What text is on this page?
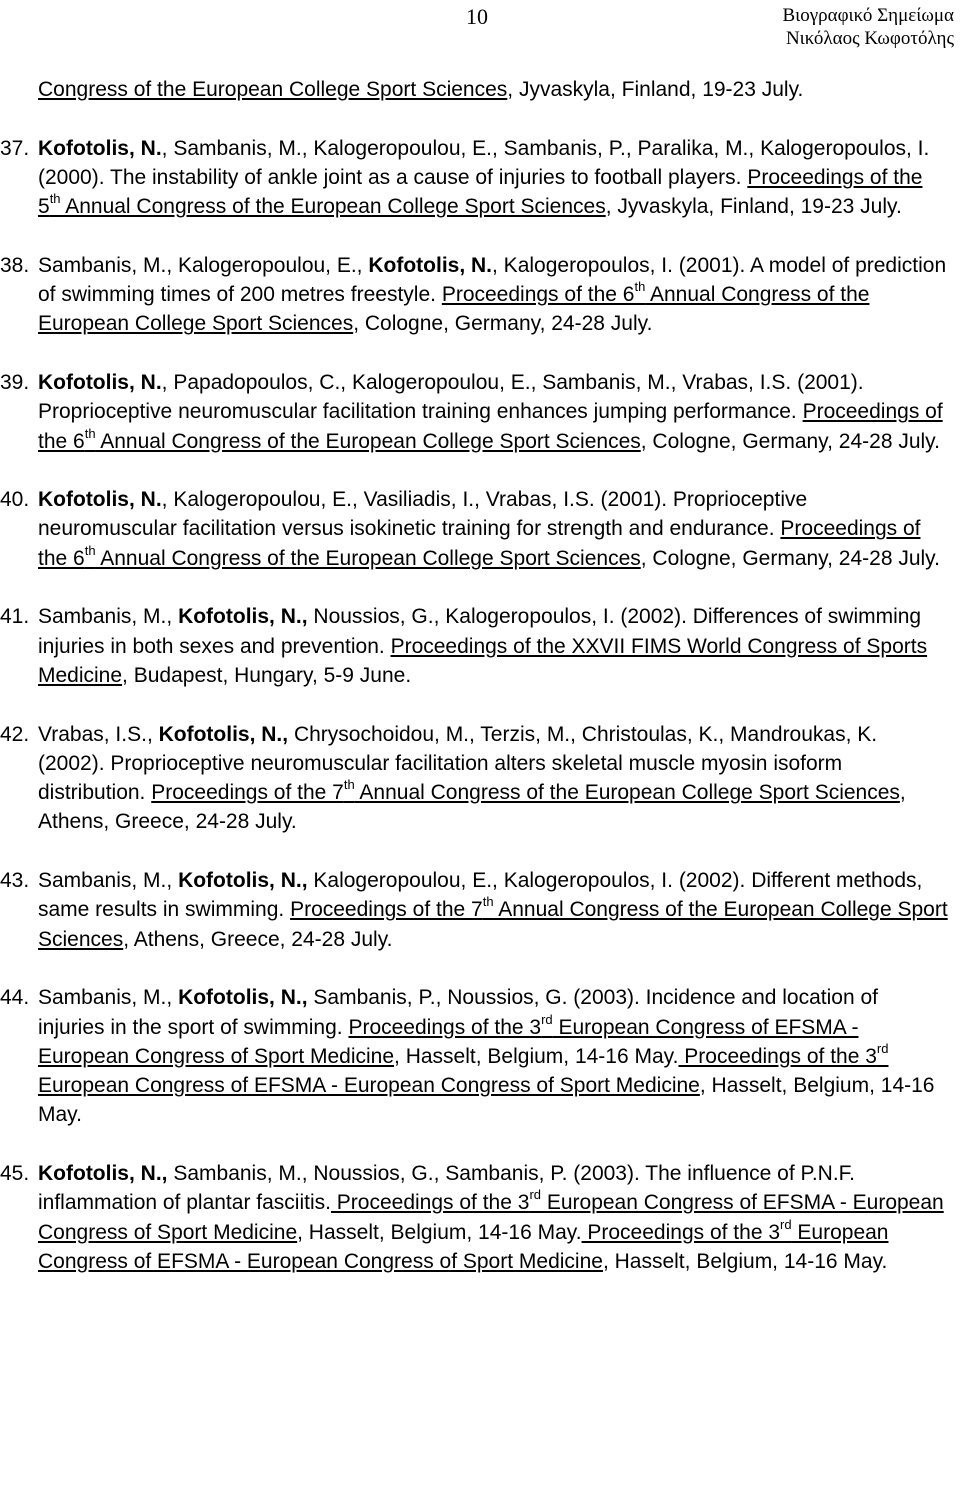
10	Βιογραφικό Σημείωμα
Νικόλαος Κωφοτόλης
Congress of the European College Sport Sciences, Jyvaskyla, Finland, 19-23 July.
37. Kofotolis, N., Sambanis, M., Kalogeropoulou, E., Sambanis, P., Paralika, M., Kalogeropoulos, I. (2000). The instability of ankle joint as a cause of injuries to football players. Proceedings of the 5th Annual Congress of the European College Sport Sciences, Jyvaskyla, Finland, 19-23 July.
38. Sambanis, M., Kalogeropoulou, E., Kofotolis, N., Kalogeropoulos, I. (2001). A model of prediction of swimming times of 200 metres freestyle. Proceedings of the 6th Annual Congress of the European College Sport Sciences, Cologne, Germany, 24-28 July.
39. Kofotolis, N., Papadopoulos, C., Kalogeropoulou, E., Sambanis, M., Vrabas, I.S. (2001). Proprioceptive neuromuscular facilitation training enhances jumping performance. Proceedings of the 6th Annual Congress of the European College Sport Sciences, Cologne, Germany, 24-28 July.
40. Kofotolis, N., Kalogeropoulou, E., Vasiliadis, I., Vrabas, I.S. (2001). Proprioceptive neuromuscular facilitation versus isokinetic training for strength and endurance. Proceedings of the 6th Annual Congress of the European College Sport Sciences, Cologne, Germany, 24-28 July.
41. Sambanis, M., Kofotolis, N., Noussios, G., Kalogeropoulos, I. (2002). Differences of swimming injuries in both sexes and prevention. Proceedings of the XXVII FIMS World Congress of Sports Medicine, Budapest, Hungary, 5-9 June.
42. Vrabas, I.S., Kofotolis, N., Chrysochoidou, M., Terzis, M., Christoulas, K., Mandroukas, K. (2002). Proprioceptive neuromuscular facilitation alters skeletal muscle myosin isoform distribution. Proceedings of the 7th Annual Congress of the European College Sport Sciences, Athens, Greece, 24-28 July.
43. Sambanis, M., Kofotolis, N., Kalogeropoulou, E., Kalogeropoulos, I. (2002). Different methods, same results in swimming. Proceedings of the 7th Annual Congress of the European College Sport Sciences, Athens, Greece, 24-28 July.
44. Sambanis, M., Kofotolis, N., Sambanis, P., Noussios, G. (2003). Incidence and location of injuries in the sport of swimming. Proceedings of the 3rd European Congress of EFSMA - European Congress of Sport Medicine, Hasselt, Belgium, 14-16 May. Proceedings of the 3rd European Congress of EFSMA - European Congress of Sport Medicine, Hasselt, Belgium, 14-16 May.
45. Kofotolis, N., Sambanis, M., Noussios, G., Sambanis, P. (2003). The influence of P.N.F. inflammation of plantar fasciitis. Proceedings of the 3rd European Congress of EFSMA - European Congress of Sport Medicine, Hasselt, Belgium, 14-16 May. Proceedings of the 3rd European Congress of EFSMA - European Congress of Sport Medicine, Hasselt, Belgium, 14-16 May.
